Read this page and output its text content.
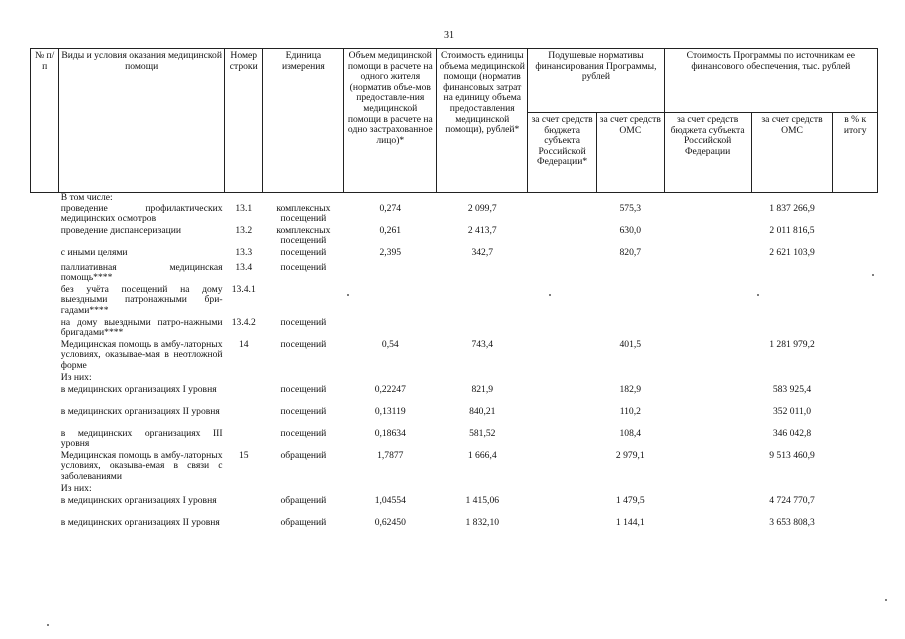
31
№ п/п	Виды и условия оказания медицинской помощи	Номер строки	Единица измерения	Объем медицинской помощи в расчете на одного жителя (норматив объе-мов предоставле-ния медицинской помощи в расчете на одно застрахованное лицо)*	Стоимость единицы объема медицинской помощи (норматив финансовых затрат на единицу объема предоставления медицинской помощи), рублей*	Подушевые нормативы финансирования Программы, рублей		Стоимость Программы по источникам ее финансового обеспечения, тыс. рублей		
						за счет средств бюджета субъекта Российской Федерации*	за счет средств ОМС	за счет средств бюджета субъекта Российской Федерации	за счет средств ОМС	в % к итогу
	В том числе:									
	проведение профилактических медицинских осмотров	13.1	комплексных посещений	0,274	2 099,7		575,3		1 837 266,9	
	проведение диспансеризации	13.2	комплексных посещений	0,261	2 413,7		630,0		2 011 816,5	
	с иными целями	13.3	посещений	2,395	342,7		820,7		2 621 103,9	
	паллиативная медицинская помощь****	13.4	посещений							
	без учёта посещений на дому выездными патронажными бри-гадами****	13.4.1								
	на дому выездными патро-нажными бригадами****	13.4.2	посещений							
	Медицинская помощь в амбу-латорных условиях, оказывае-мая в неотложной форме	14	посещений	0,54	743,4		401,5		1 281 979,2	
	Из них:									
	в медицинских организациях I уровня		посещений	0,22247	821,9		182,9		583 925,4	
	в медицинских организациях II уровня		посещений	0,13119	840,21		110,2		352 011,0	
	в медицинских организациях III уровня		посещений	0,18634	581,52		108,4		346 042,8	
	Медицинская помощь в амбу-латорных условиях, оказыва-емая в связи с заболеваниями	15	обращений	1,7877	1 666,4		2 979,1		9 513 460,9	
	Из них:									
	в медицинских организациях I уровня		обращений	1,04554	1 415,06		1 479,5		4 724 770,7	
	в медицинских организациях II уровня		обращений	0,62450	1 832,10		1 144,1		3 653 808,3	
